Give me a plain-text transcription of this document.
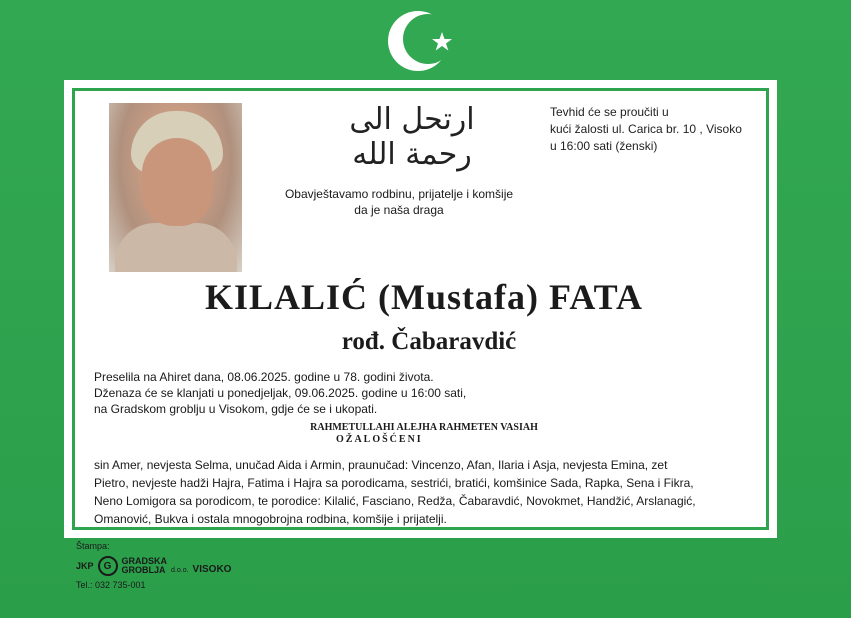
ارتحل الى رحمة الله
Tevhid će se proučiti u
kući žalosti ul. Carica br. 10 , Visoko
u 16:00 sati (ženski)
Obavještavamo rodbinu, prijatelje i komšije
da je naša draga
KILALIĆ (Mustafa) FATA
rođ. Čabaravdić
Preselila na Ahiret dana, 08.06.2025. godine u 78. godini života.
Dženaza će se klanjati u ponedjeljak, 09.06.2025. godine u 16:00 sati,
na Gradskom groblju u Visokom, gdje će se i ukopati.
RAHMETULLAHI ALEJHA RAHMETEN VASIAH
OŽALOŠĆENI
sin Amer, nevjesta Selma, unučad Aida i Armin, praunučad: Vincenzo, Afan, Ilaria i Asja, nevjesta Emina, zet
Pietro, nevjeste hadži Hajra, Fatima i Hajra sa porodicama, sestrići, bratići, komšinice Sada, Rapka, Sena i Fikra,
Neno Lomigora sa porodicom, te porodice: Kilalić, Fasciano, Redža, Čabaravdić, Novokmet, Handžić, Arslanagić,
Omanović, Bukva i ostala mnogobrojna rodbina, komšije i prijatelji.
Štampa:
JKP	G	GRADSKA
GROBLJA d.o.o. VISOKO
Tel.: 032 735-001
